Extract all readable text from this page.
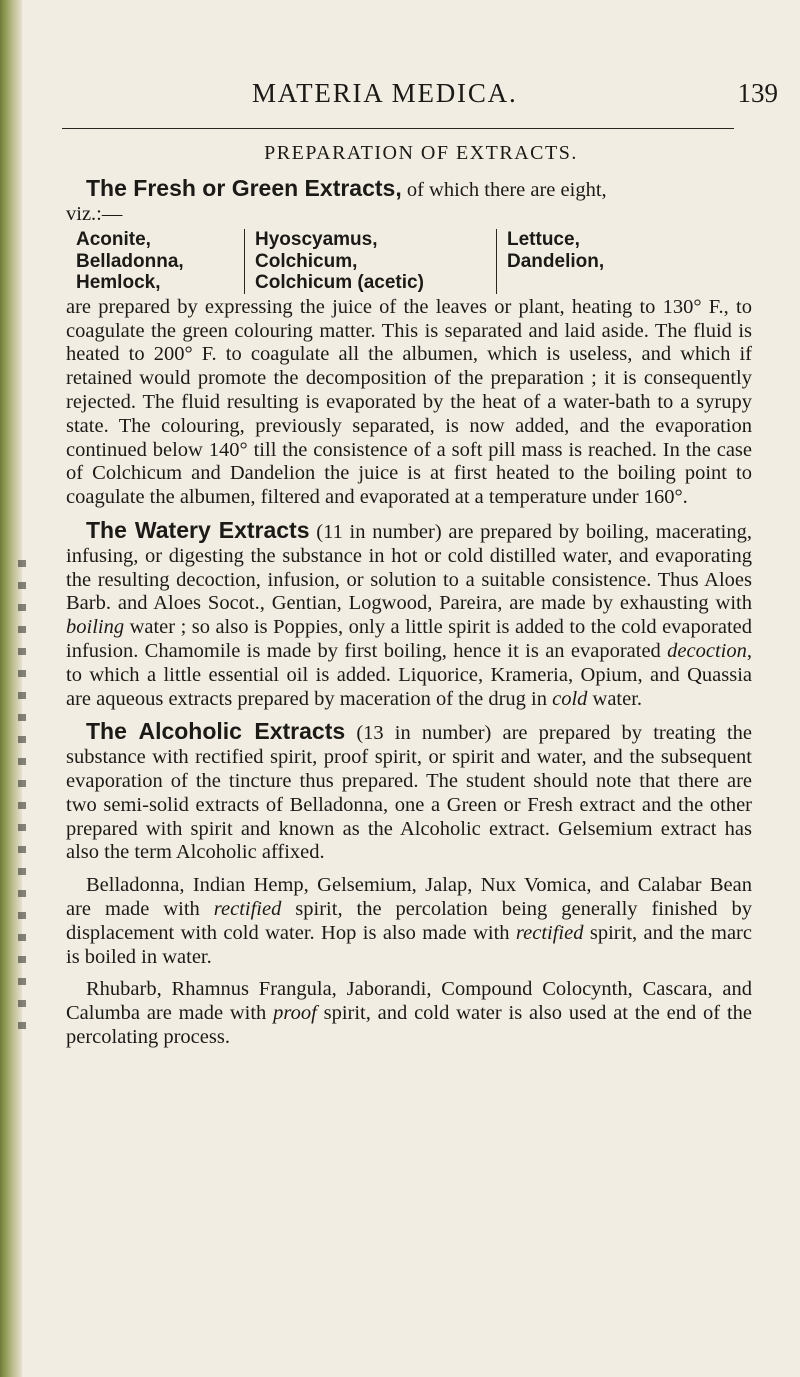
MATERIA MEDICA.	139

PREPARATION OF EXTRACTS.

The Fresh or Green Extracts, of which there are eight,

viz.:—

Aconite,
Belladonna,
Hemlock,
Hyoscyamus,
Colchicum,
Colchicum (acetic)
Lettuce,
Dandelion,

are prepared by expressing the juice of the leaves or plant, heating to 130° F., to coagulate the green colouring matter. This is separated and laid aside. The fluid is heated to 200° F. to coagulate all the albumen, which is useless, and which if retained would promote the decomposition of the preparation ; it is consequently rejected. The fluid resulting is evaporated by the heat of a water-bath to a syrupy state. The colouring, previously separated, is now added, and the evaporation continued below 140° till the consistence of a soft pill mass is reached. In the case of Colchicum and Dandelion the juice is at first heated to the boiling point to coagulate the albumen, filtered and evaporated at a temperature under 160°.

The Watery Extracts (11 in number) are prepared by boiling, macerating, infusing, or digesting the substance in hot or cold distilled water, and evaporating the resulting decoction, infusion, or solution to a suitable consistence. Thus Aloes Barb. and Aloes Socot., Gentian, Logwood, Pareira, are made by exhausting with boiling water ; so also is Poppies, only a little spirit is added to the cold evaporated infusion. Chamomile is made by first boiling, hence it is an evaporated decoction, to which a little essential oil is added. Liquorice, Krameria, Opium, and Quassia are aqueous extracts prepared by maceration of the drug in cold water.

The Alcoholic Extracts (13 in number) are prepared by treating the substance with rectified spirit, proof spirit, or spirit and water, and the subsequent evaporation of the tincture thus prepared. The student should note that there are two semi-solid extracts of Belladonna, one a Green or Fresh extract and the other prepared with spirit and known as the Alcoholic extract. Gelsemium extract has also the term Alcoholic affixed.

Belladonna, Indian Hemp, Gelsemium, Jalap, Nux Vomica, and Calabar Bean are made with rectified spirit, the percolation being generally finished by displacement with cold water. Hop is also made with rectified spirit, and the marc is boiled in water.

Rhubarb, Rhamnus Frangula, Jaborandi, Compound Colocynth, Cascara, and Calumba are made with proof spirit, and cold water is also used at the end of the percolating process.
